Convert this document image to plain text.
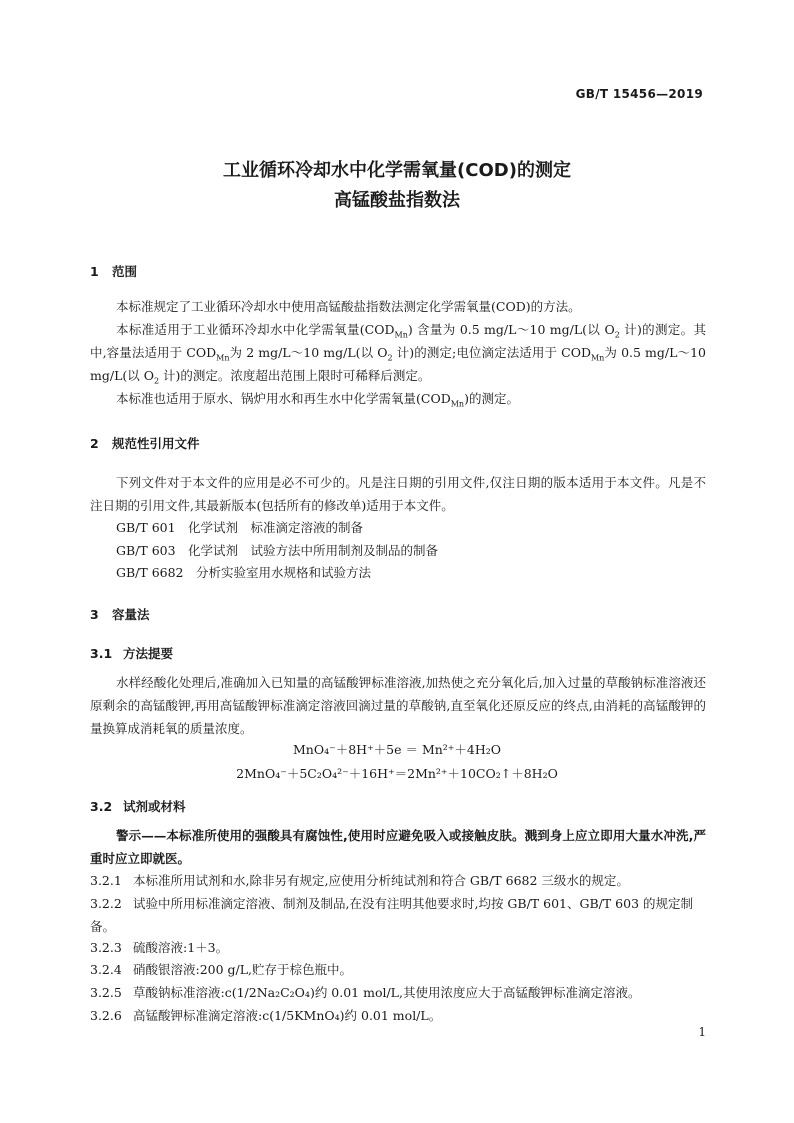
GB/T 15456—2019
工业循环冷却水中化学需氧量(COD)的测定
高锰酸盐指数法
1 范围
本标准规定了工业循环冷却水中使用高锰酸盐指数法测定化学需氧量(COD)的方法。
本标准适用于工业循环冷却水中化学需氧量$(COD_{Mn})$ 含量为 0.5 mg/L～10 mg/L(以 $O_2$ 计)的测定。其中,容量法适用于 $COD_{Mn}$为 2 mg/L～10 mg/L(以 $O_2$ 计)的测定;电位滴定法适用于 $COD_{Mn}$为 0.5 mg/L～10 mg/L(以 $O_2$ 计)的测定。浓度超出范围上限时可稀释后测定。
本标准也适用于原水、锅炉用水和再生水中化学需氧量$(COD_{Mn})$的测定。
2 规范性引用文件
下列文件对于本文件的应用是必不可少的。凡是注日期的引用文件,仅注日期的版本适用于本文件。凡是不注日期的引用文件,其最新版本(包括所有的修改单)适用于本文件。
GB/T 601　化学试剂　标准滴定溶液的制备
GB/T 603　化学试剂　试验方法中所用制剂及制品的制备
GB/T 6682　分析实验室用水规格和试验方法
3 容量法
3.1 方法提要
水样经酸化处理后,准确加入已知量的高锰酸钾标准溶液,加热使之充分氧化后,加入过量的草酸钠标准溶液还原剩余的高锰酸钾,再用高锰酸钾标准滴定溶液回滴过量的草酸钠,直至氧化还原反应的终点,由消耗的高锰酸钾的量换算成消耗氧的质量浓度。
MnO₄⁻＋8H⁺＋5e ＝ Mn²⁺＋4H₂O
2MnO₄⁻＋5C₂O₄²⁻＋16H⁺＝2Mn²⁺＋10CO₂↑＋8H₂O
3.2 试剂或材料
警示——本标准所使用的强酸具有腐蚀性,使用时应避免吸入或接触皮肤。溅到身上应立即用大量水冲洗,严重时应立即就医。
3.2.1 本标准所用试剂和水,除非另有规定,应使用分析纯试剂和符合 GB/T 6682 三级水的规定。
3.2.2 试验中所用标准滴定溶液、制剂及制品,在没有注明其他要求时,均按 GB/T 601、GB/T 603 的规定制备。
3.2.3 硫酸溶液:1＋3。
3.2.4 硝酸银溶液:200 g/L,贮存于棕色瓶中。
3.2.5 草酸钠标准溶液:c(1/2Na₂C₂O₄)约 0.01 mol/L,其使用浓度应大于高锰酸钾标准滴定溶液。
3.2.6 高锰酸钾标准滴定溶液:c(1/5KMnO₄)约 0.01 mol/L。
1
